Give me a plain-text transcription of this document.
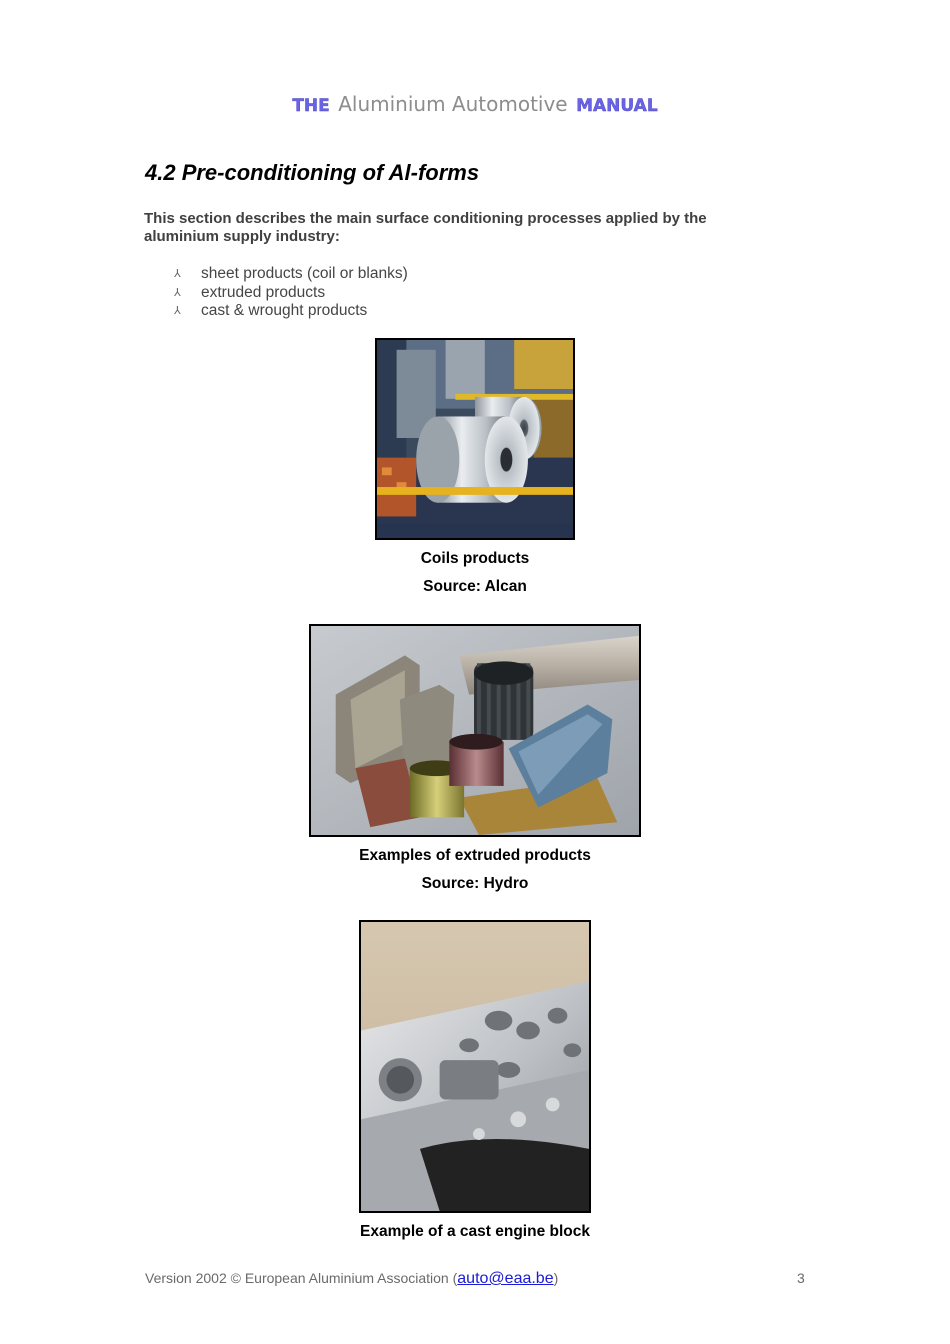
THE Aluminium Automotive MANUAL
4.2 Pre-conditioning of Al-forms
This section describes the main surface conditioning processes applied by the aluminium supply industry:
⅄ sheet products (coil or blanks)
⅄ extruded products
⅄ cast & wrought products
Coils products
Source: Alcan
Examples of extruded products
Source: Hydro
Example of a cast engine block
Version 2002 © European Aluminium Association (auto@eaa.be)	3
